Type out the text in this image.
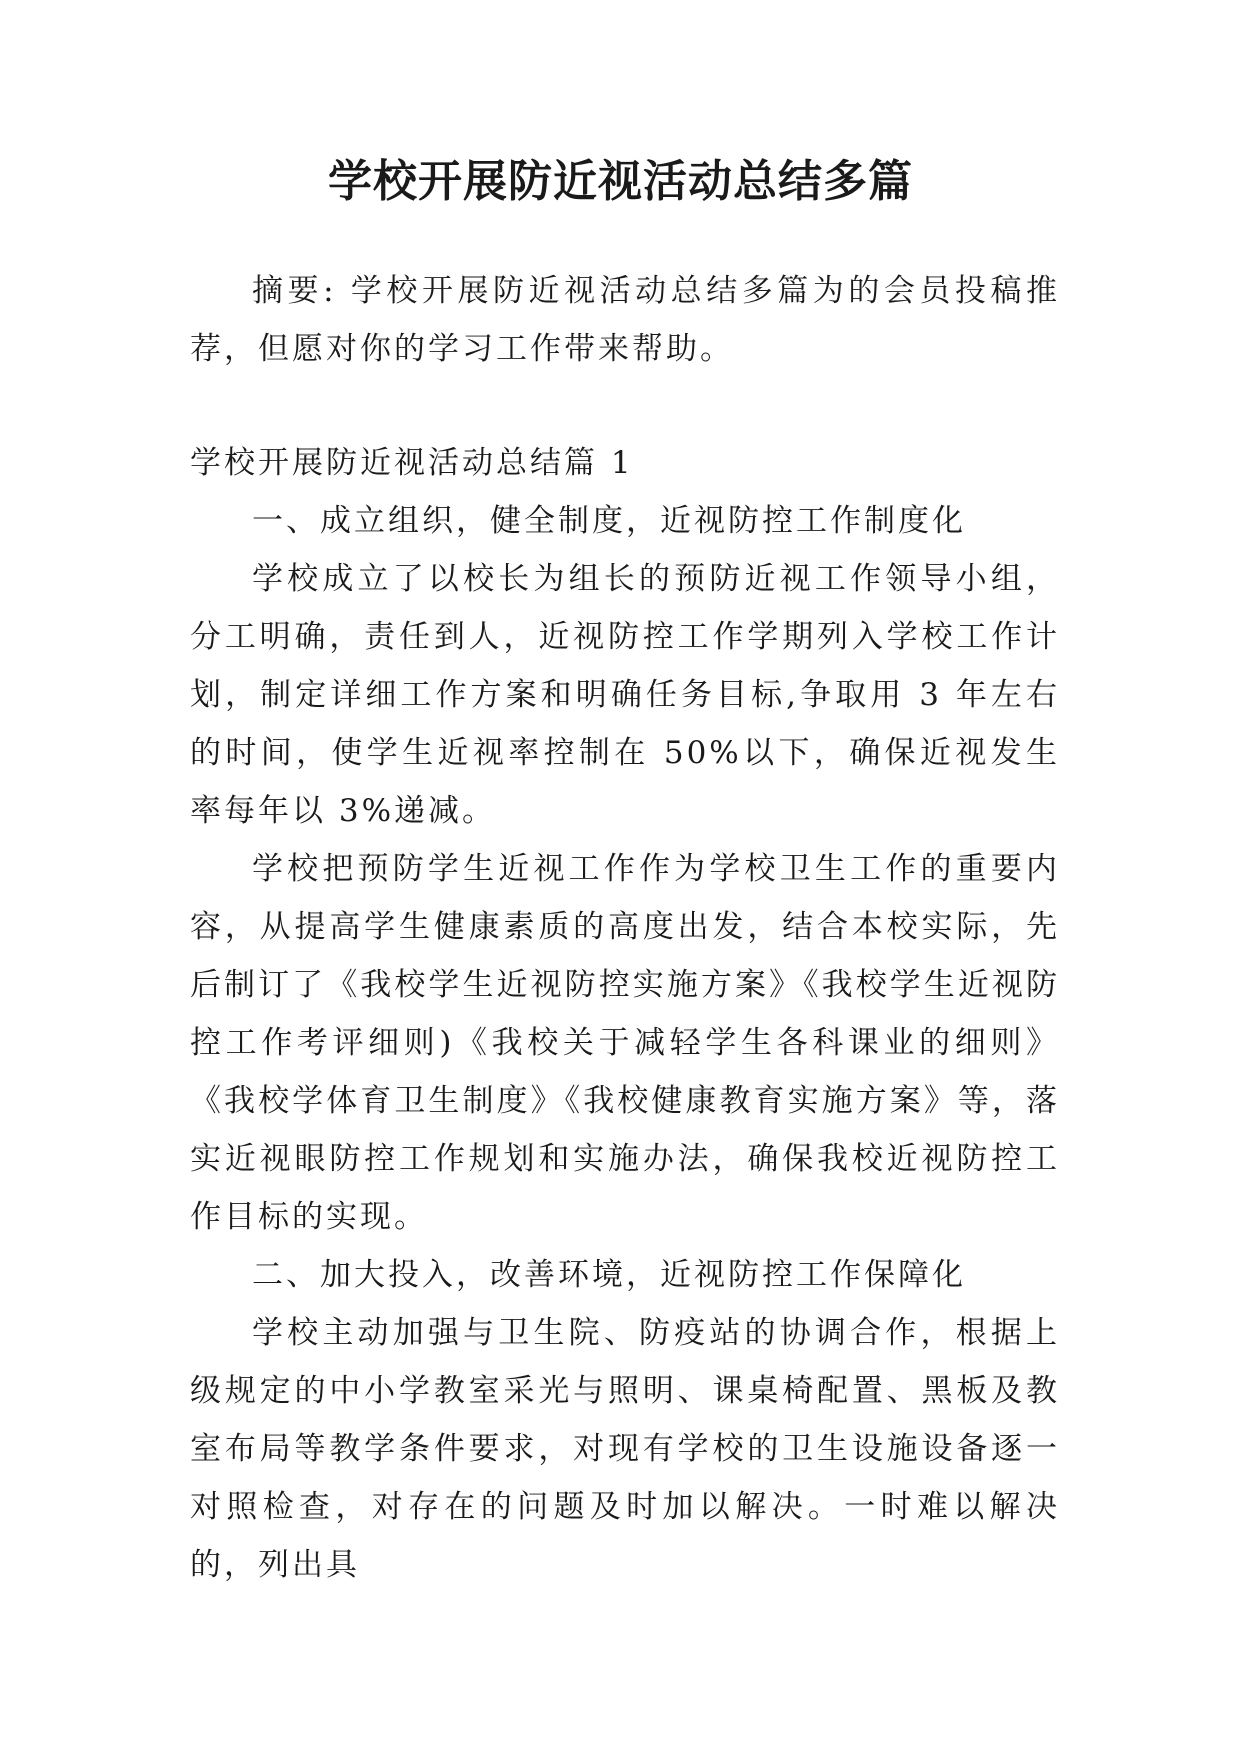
学校开展防近视活动总结多篇

摘要: 学校开展防近视活动总结多篇为的会员投稿推荐，但愿对你的学习工作带来帮助。

学校开展防近视活动总结篇 1

一、成立组织，健全制度，近视防控工作制度化

学校成立了以校长为组长的预防近视工作领导小组，分工明确，责任到人，近视防控工作学期列入学校工作计划，制定详细工作方案和明确任务目标,争取用 3 年左右的时间，使学生近视率控制在 50%以下，确保近视发生率每年以 3%递减。

学校把预防学生近视工作作为学校卫生工作的重要内容，从提高学生健康素质的高度出发，结合本校实际，先后制订了《我校学生近视防控实施方案》《我校学生近视防控工作考评细则)《我校关于减轻学生各科课业的细则》《我校学体育卫生制度》《我校健康教育实施方案》等，落实近视眼防控工作规划和实施办法，确保我校近视防控工作目标的实现。

二、加大投入，改善环境，近视防控工作保障化

学校主动加强与卫生院、防疫站的协调合作，根据上级规定的中小学教室采光与照明、课桌椅配置、黑板及教室布局等教学条件要求，对现有学校的卫生设施设备逐一对照检查，对存在的问题及时加以解决。一时难以解决的，列出具
